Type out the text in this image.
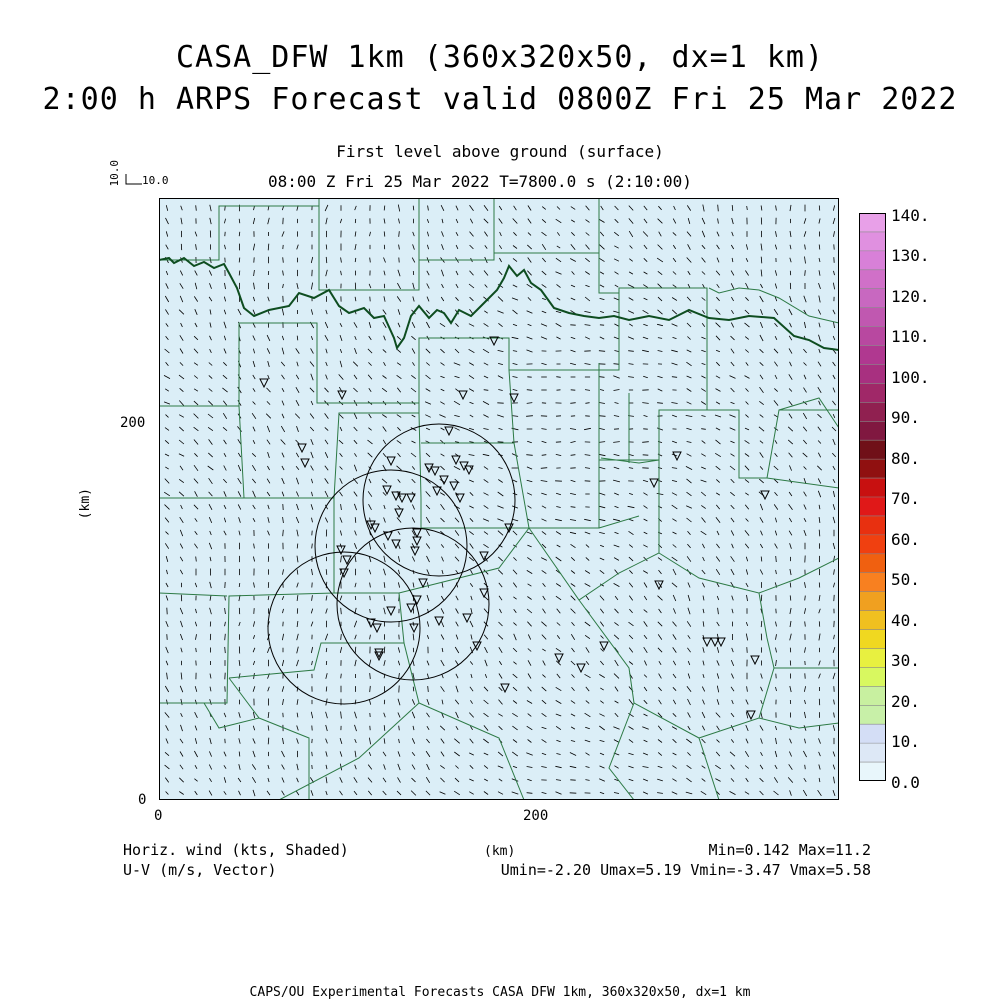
CASA_DFW 1km (360x320x50, dx=1 km)
2:00 h ARPS Forecast valid 0800Z Fri 25 Mar 2022
First level above ground (surface)
08:00 Z Fri 25 Mar 2022 T=7800.0 s (2:10:00)
10.0 10.0
(km)
200
0
0	200
(km)
140.
130.
120.
110.
100.
90.
80.
70.
60.
50.
40.
30.
20.
10.
0.0
Horiz. wind (kts, Shaded)
U-V (m/s, Vector)
Min=0.142 Max=11.2
Umin=-2.20 Umax=5.19 Vmin=-3.47 Vmax=5.58
CAPS/OU Experimental Forecasts CASA DFW 1km, 360x320x50, dx=1 km
